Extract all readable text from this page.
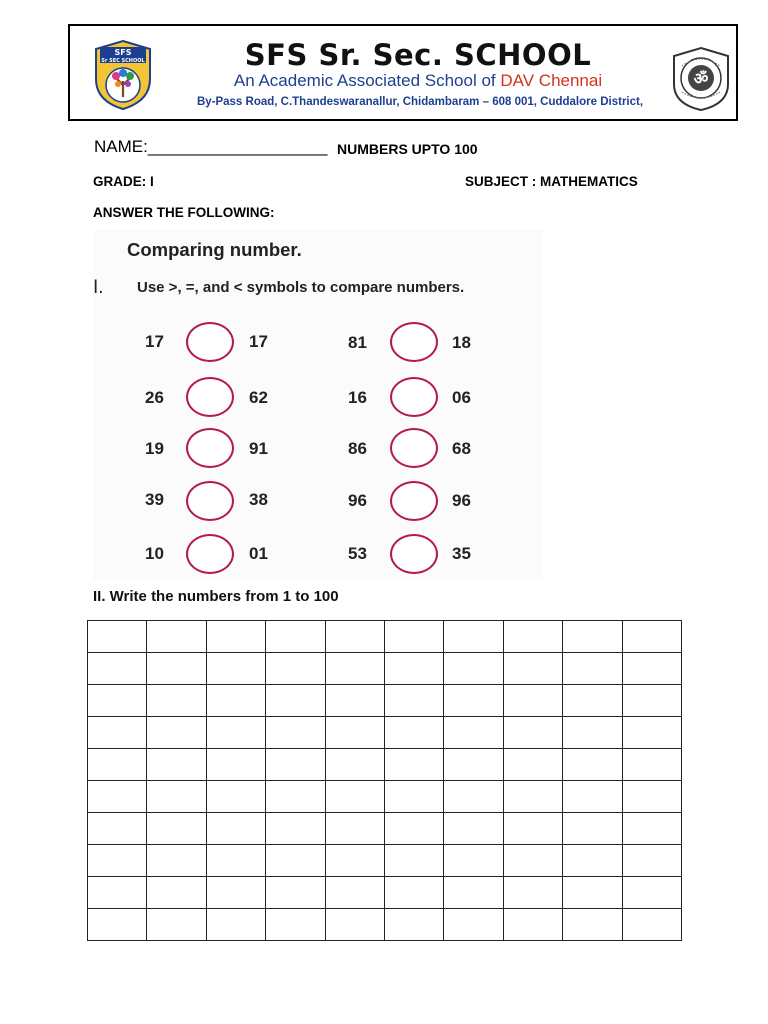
SFS
Sr SEC SCHOOL	SFS Sr. Sec. SCHOOL
An Academic Associated School of DAV Chennai
By-Pass Road, C.Thandeswaranallur, Chidambaram – 608 001, Cuddalore District,
ॐ
NAME:___________________ NUMBERS UPTO 100
GRADE: I	SUBJECT : MATHEMATICS
ANSWER THE FOLLOWING:
Comparing number.
I. Use >, =, and < symbols to compare numbers.
17	17	81	18
26	62	16	06
19	91	86	68
39	38	96	96
10	01	53	35
II. Write the numbers from 1 to 100
